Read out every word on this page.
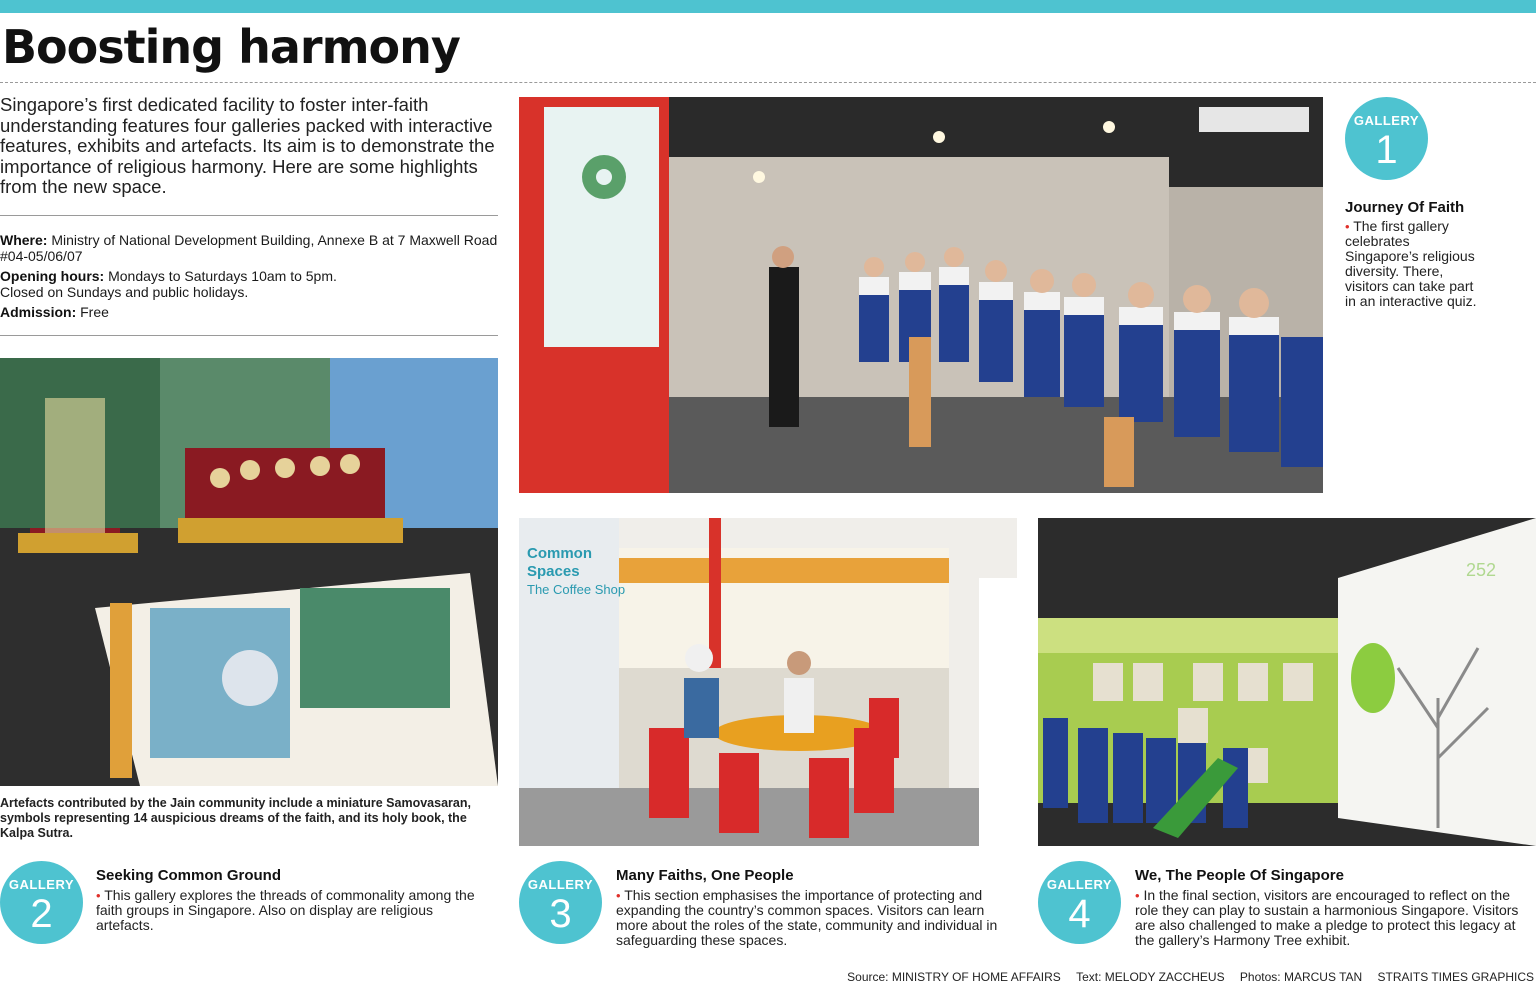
Boosting harmony

Singapore’s first dedicated facility to foster inter-faith understanding features four galleries packed with interactive features, exhibits and artefacts. Its aim is to demonstrate the importance of religious harmony. Here are some highlights from the new space.

Where: Ministry of National Development Building, Annexe B at 7 Maxwell Road #04-05/06/07

Opening hours: Mondays to Saturdays 10am to 5pm.

Closed on Sundays and public holidays.

Admission: Free

Artefacts contributed by the Jain community include a miniature Samovasaran, symbols representing 14 auspicious dreams of the faith, and its holy book, the Kalpa Sutra.

Common
Spaces
The Coffee Shop
252
GALLERY
1
Journey Of Faith

• The first gallery celebrates Singapore’s religious diversity. There, visitors can take part in an interactive quiz.

GALLERY
2
Seeking Common Ground

• This gallery explores the threads of commonality among the faith groups in Singapore. Also on display are religious artefacts.

GALLERY
3
Many Faiths, One People

• This section emphasises the importance of protecting and expanding the country’s common spaces. Visitors can learn more about the roles of the state, community and individual in safeguarding these spaces.

GALLERY
4
We, The People Of Singapore

• In the final section, visitors are encouraged to reflect on the role they can play to sustain a harmonious Singapore. Visitors are also challenged to make a pledge to protect this legacy at the gallery’s Harmony Tree exhibit.

Source: MINISTRY OF HOME AFFAIRS Text: MELODY ZACCHEUS Photos: MARCUS TAN STRAITS TIMES GRAPHICS
